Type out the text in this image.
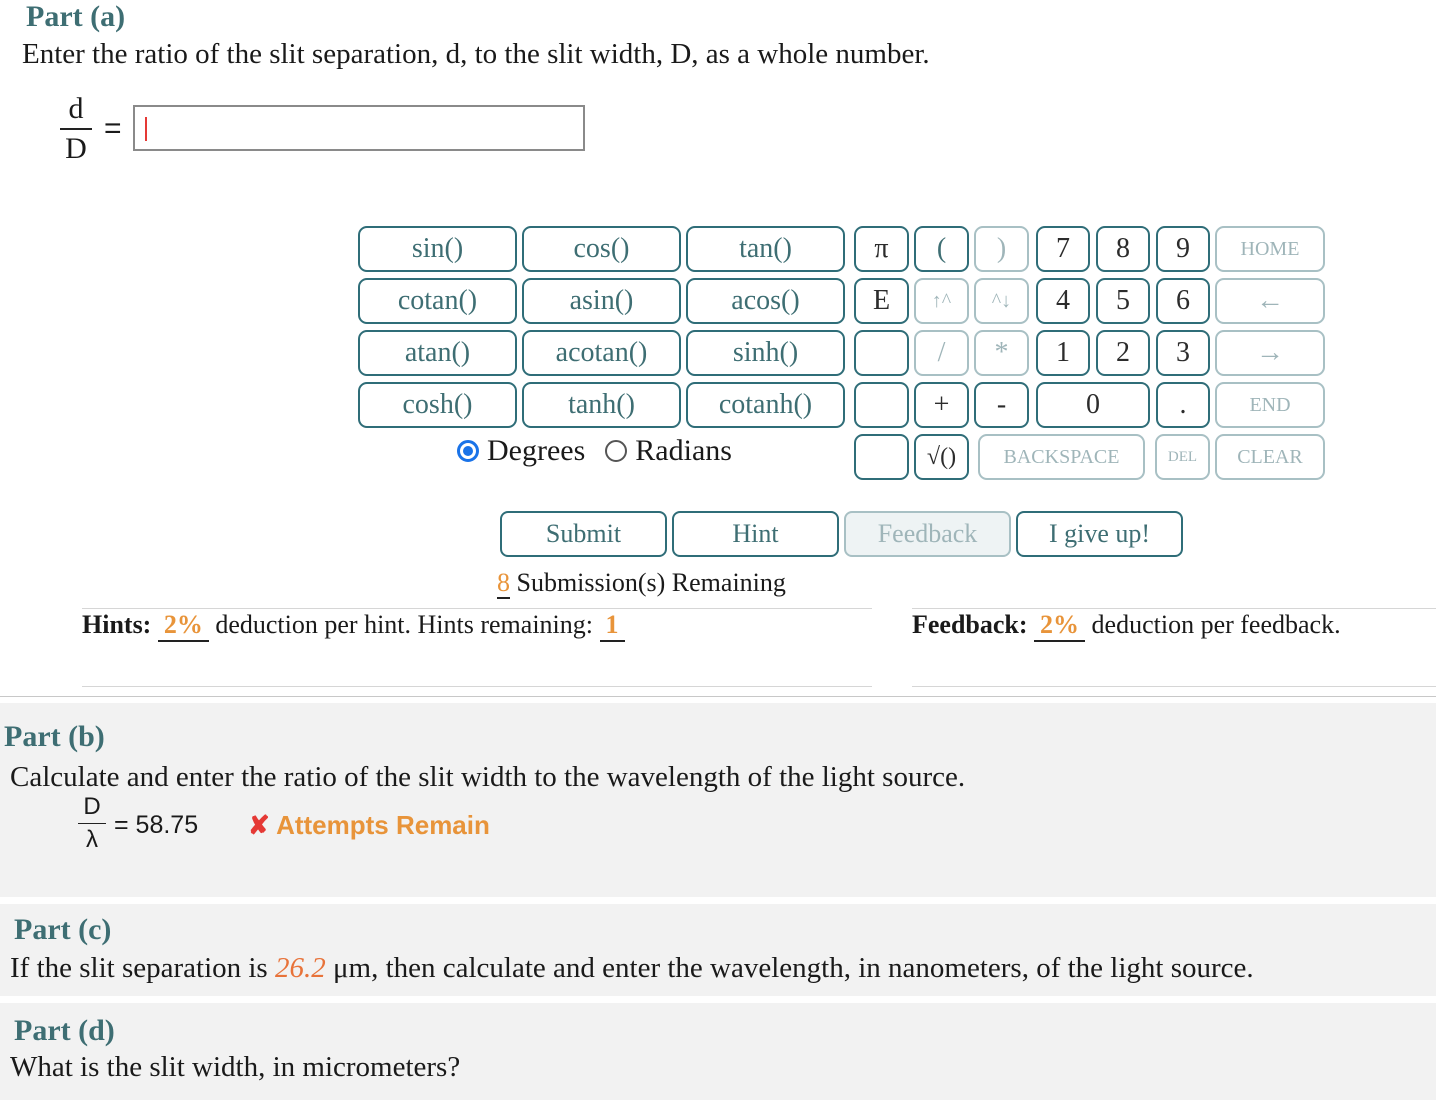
Part (a)
Enter the ratio of the slit separation, d, to the slit width, D, as a whole number.
d
D
=
sin()	cos()	tan()
cotan()	asin()	acos()
atan()	acotan()	sinh()
cosh()	tanh()	cotanh()
π
E
(
↑^
/
+
√()
)
^↓
*
-
7	8	9
4	5	6
1	2	3
0	.
HOME
←
→
END
BACKSPACE	DEL	CLEAR
Degrees Radians
Submit	Hint	Feedback	I give up!
8 Submission(s) Remaining
Hints: 2% deduction per hint. Hints remaining: 1	Feedback: 2% deduction per feedback.
Part (b)
Calculate and enter the ratio of the slit width to the wavelength of the light source.
D
λ
= 58.75 ✘ Attempts Remain
Part (c)
If the slit separation is 26.2 μm, then calculate and enter the wavelength, in nanometers, of the light source.
Part (d)
What is the slit width, in micrometers?
